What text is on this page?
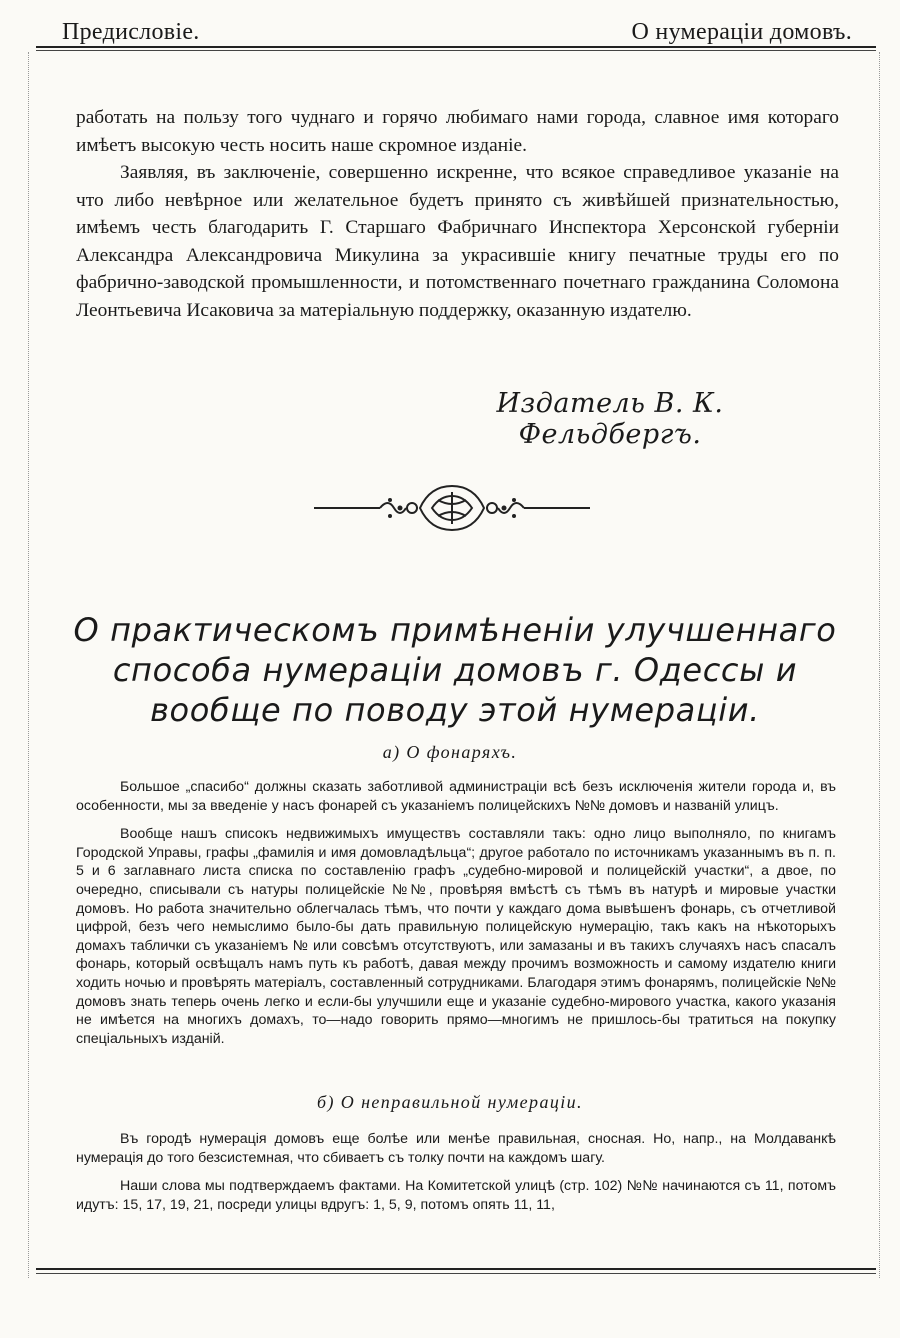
Предисловіе.	О нумераціи домовъ.

работать на пользу того чуднаго и горячо любимаго нами города, славное имя котораго имѣетъ высокую честь носить наше скромное изданіе.

Заявляя, въ заключеніе, совершенно искренне, что всякое справедливое указаніе на что либо невѣрное или желательное будетъ принято съ живѣйшей признательностью, имѣемъ честь благодарить Г. Старшаго Фабричнаго Инспектора Херсонской губерніи Александра Александровича Микулина за украсившіе книгу печатные труды его по фабрично-заводской промышленности, и потомственнаго почетнаго гражданина Соломона Леонтьевича Исаковича за матеріальную поддержку, оказанную издателю.

Издатель В. К. Фельдбергъ.
О практическомъ примѣненіи улучшеннаго способа нумераціи домовъ г. Одессы и вообще по поводу этой нумераціи.
а) О фонаряхъ.

Большое „спасибо“ должны сказать заботливой администраціи всѣ безъ исключенія жители города и, въ особенности, мы за введеніе у насъ фонарей съ указаніемъ полицейскихъ №№ домовъ и названій улицъ.

Вообще нашъ списокъ недвижимыхъ имуществъ составляли такъ: одно лицо выполняло, по книгамъ Городской Управы, графы „фамилія и имя домовладѣльца“; другое работало по источникамъ указаннымъ въ п. п. 5 и 6 заглавнаго листа списка по составленію графъ „судебно-мировой и полицейскій участки“, а двое, по очередно, списывали съ натуры полицейскіе №№, провѣряя вмѣстѣ съ тѣмъ въ натурѣ и мировые участки домовъ. Но работа значительно облегчалась тѣмъ, что почти у каждаго дома вывѣшенъ фонарь, съ отчетливой цифрой, безъ чего немыслимо было-бы дать правильную полицейскую нумерацію, такъ какъ на нѣкоторыхъ домахъ таблички съ указаніемъ № или совсѣмъ отсутствуютъ, или замазаны и въ такихъ случаяхъ насъ спасалъ фонарь, который освѣщалъ намъ путь къ работѣ, давая между прочимъ возможность и самому издателю книги ходить ночью и провѣрять матеріалъ, составленный сотрудниками. Благодаря этимъ фонарямъ, полицейскіе №№ домовъ знать теперь очень легко и если-бы улучшили еще и указаніе судебно-мирового участка, какого указанія не имѣется на многихъ домахъ, то—надо говорить прямо—многимъ не пришлось-бы тратиться на покупку спеціальныхъ изданій.

б) О неправильной нумераціи.

Въ городѣ нумерація домовъ еще болѣе или менѣе правильная, сносная. Но, напр., на Молдаванкѣ нумерація до того безсистемная, что сбиваетъ съ толку почти на каждомъ шагу.

Наши слова мы подтверждаемъ фактами. На Комитетской улицѣ (стр. 102) №№ начинаются съ 11, потомъ идутъ: 15, 17, 19, 21, посреди улицы вдругъ: 1, 5, 9, потомъ опять 11, 11,
